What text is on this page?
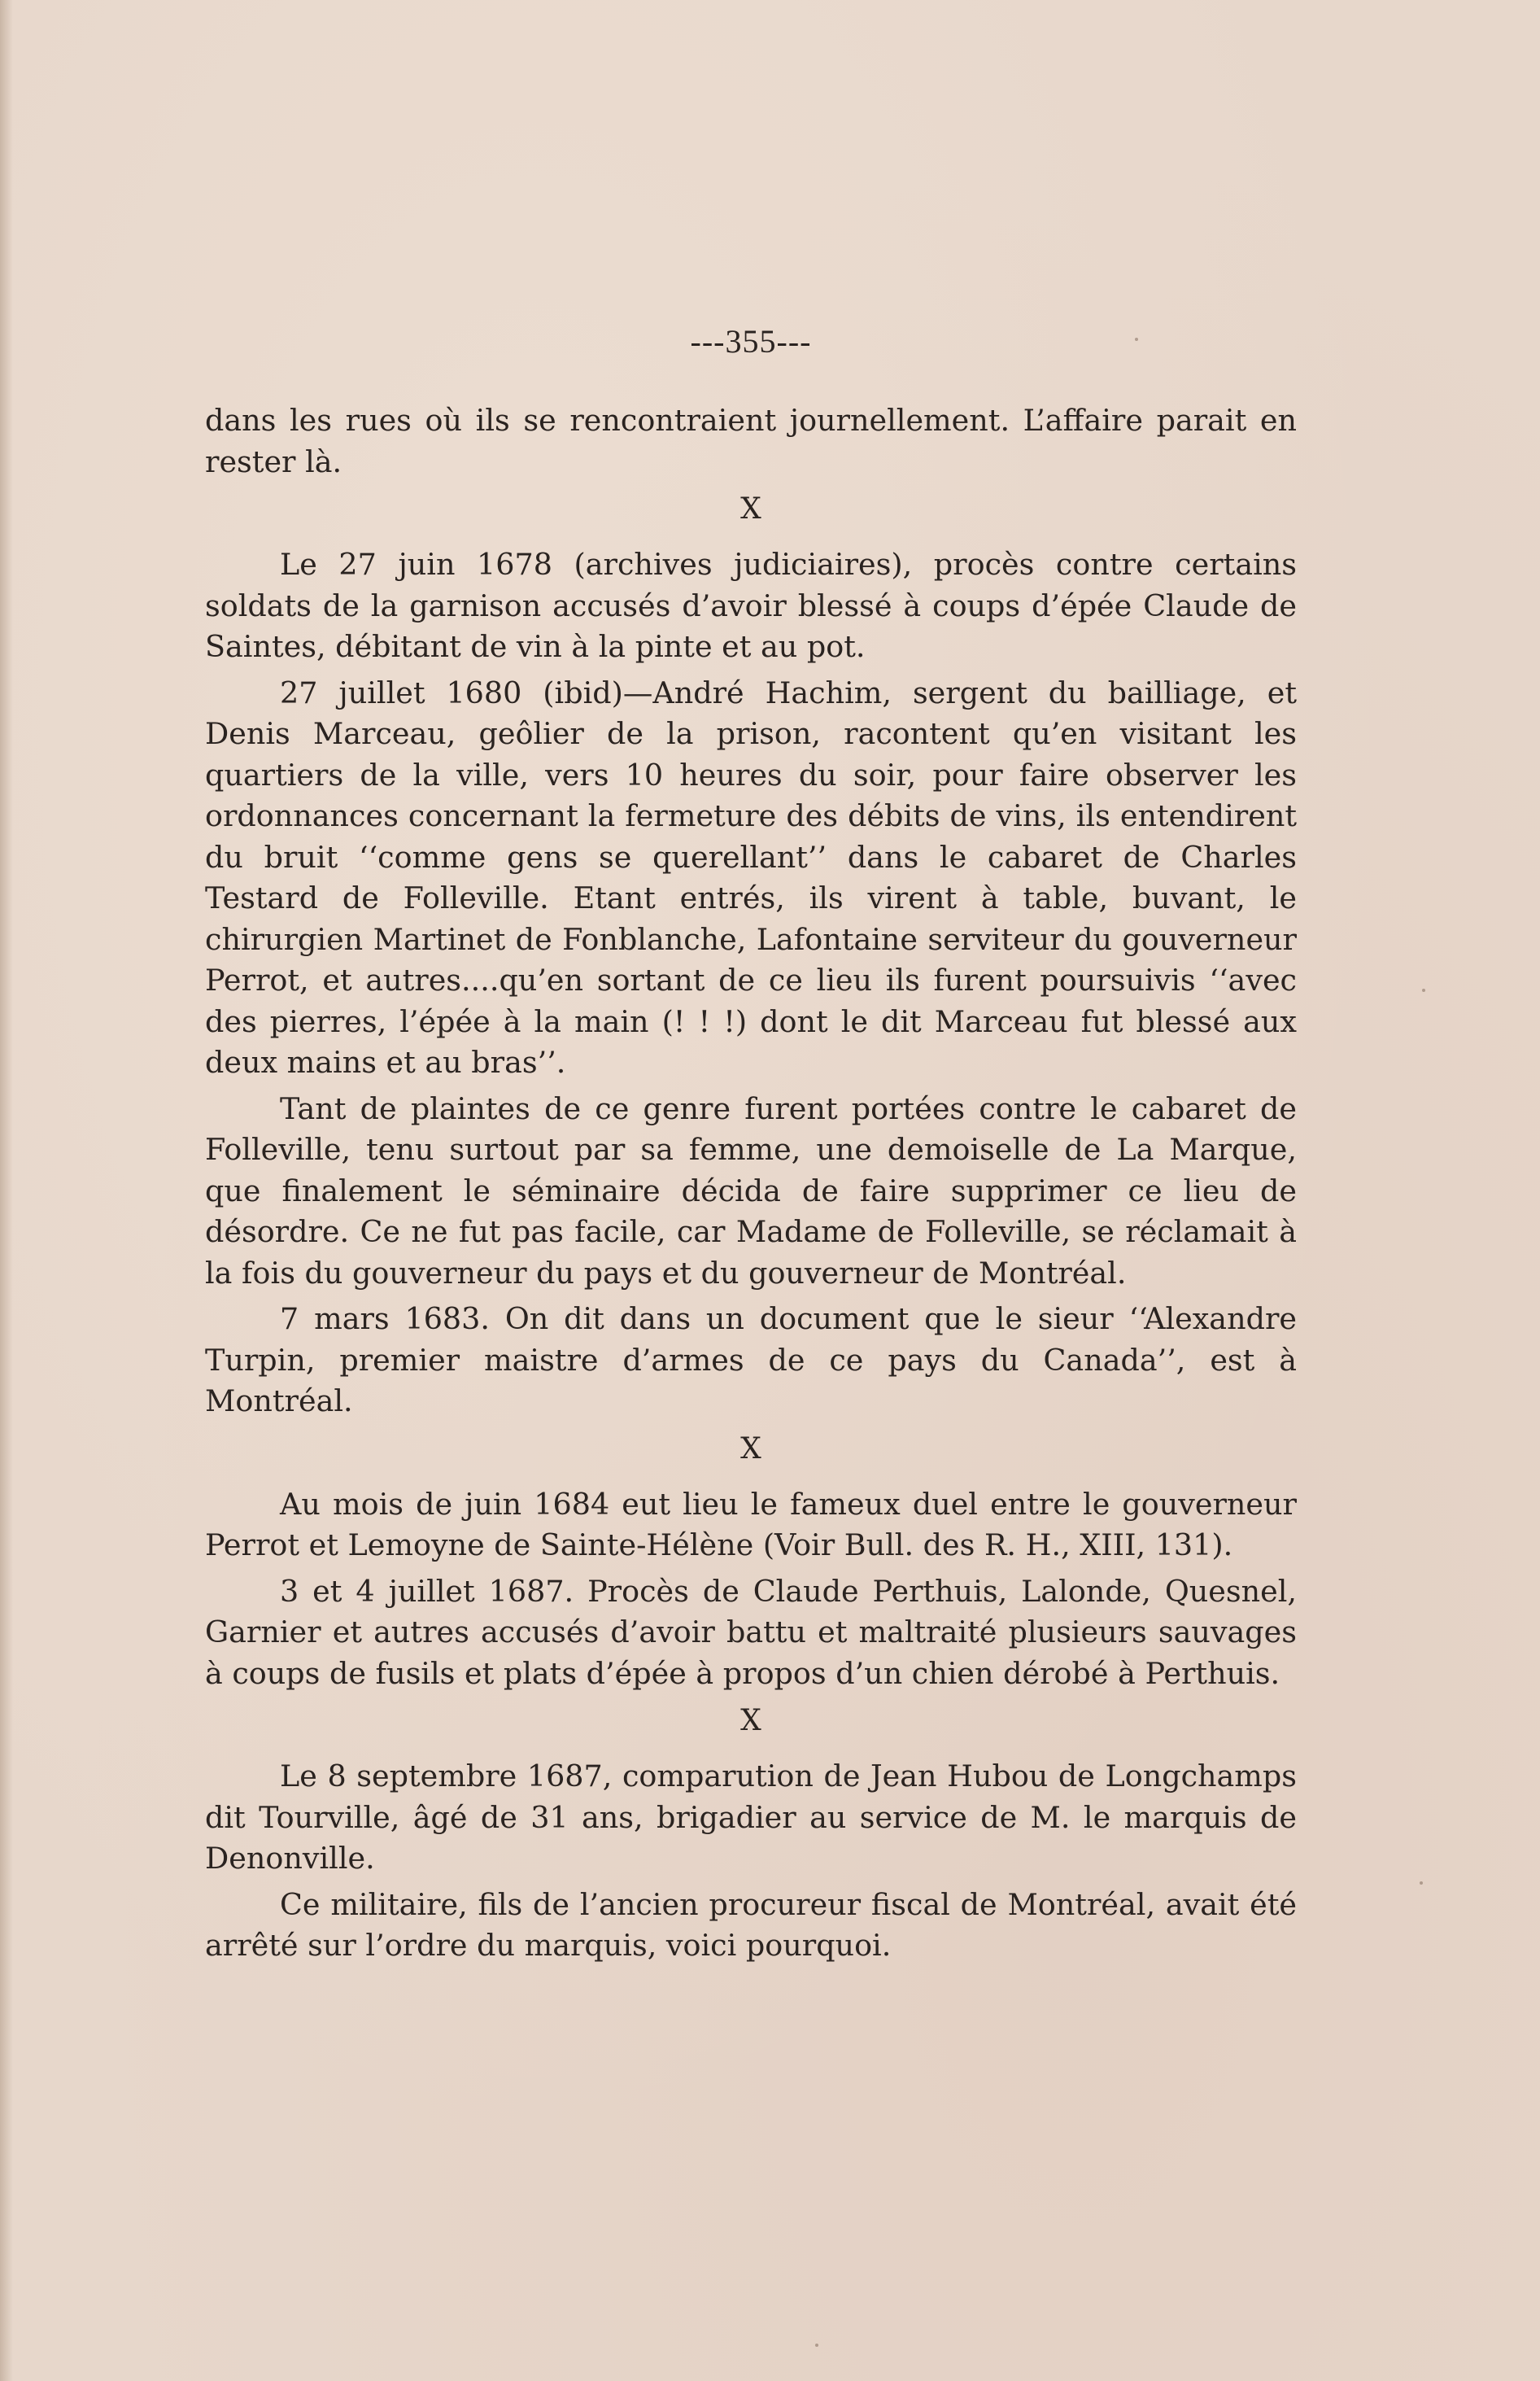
---355---

dans les rues où ils se rencontraient journellement. L’affaire parait en rester là.

X

Le 27 juin 1678 (archives judiciaires), procès contre certains soldats de la garnison accusés d’avoir blessé à coups d’épée Claude de Saintes, débitant de vin à la pinte et au pot.

27 juillet 1680 (ibid)—André Hachim, sergent du bailliage, et Denis Marceau, geôlier de la prison, racontent qu’en visitant les quartiers de la ville, vers 10 heures du soir, pour faire observer les ordonnances concernant la fermeture des débits de vins, ils entendirent du bruit ‘‘comme gens se querellant’’ dans le cabaret de Charles Testard de Folleville. Etant entrés, ils virent à table, buvant, le chirurgien Martinet de Fonblanche, Lafontaine serviteur du gouverneur Perrot, et autres....qu’en sortant de ce lieu ils furent poursuivis ‘‘avec des pierres, l’épée à la main (! ! !) dont le dit Marceau fut blessé aux deux mains et au bras’’.

Tant de plaintes de ce genre furent portées contre le cabaret de Folleville, tenu surtout par sa femme, une demoiselle de La Marque, que finalement le séminaire décida de faire supprimer ce lieu de désordre. Ce ne fut pas facile, car Madame de Folleville, se réclamait à la fois du gouverneur du pays et du gouverneur de Montréal.

7 mars 1683. On dit dans un document que le sieur ‘‘Alexandre Turpin, premier maistre d’armes de ce pays du Canada’’, est à Montréal.

X

Au mois de juin 1684 eut lieu le fameux duel entre le gouverneur Perrot et Lemoyne de Sainte-Hélène (Voir Bull. des R. H., XIII, 131).

3 et 4 juillet 1687. Procès de Claude Perthuis, Lalonde, Quesnel, Garnier et autres accusés d’avoir battu et maltraité plusieurs sauvages à coups de fusils et plats d’épée à propos d’un chien dérobé à Perthuis.

X

Le 8 septembre 1687, comparution de Jean Hubou de Longchamps dit Tourville, âgé de 31 ans, brigadier au service de M. le marquis de Denonville.

Ce militaire, fils de l’ancien procureur fiscal de Montréal, avait été arrêté sur l’ordre du marquis, voici pourquoi.
